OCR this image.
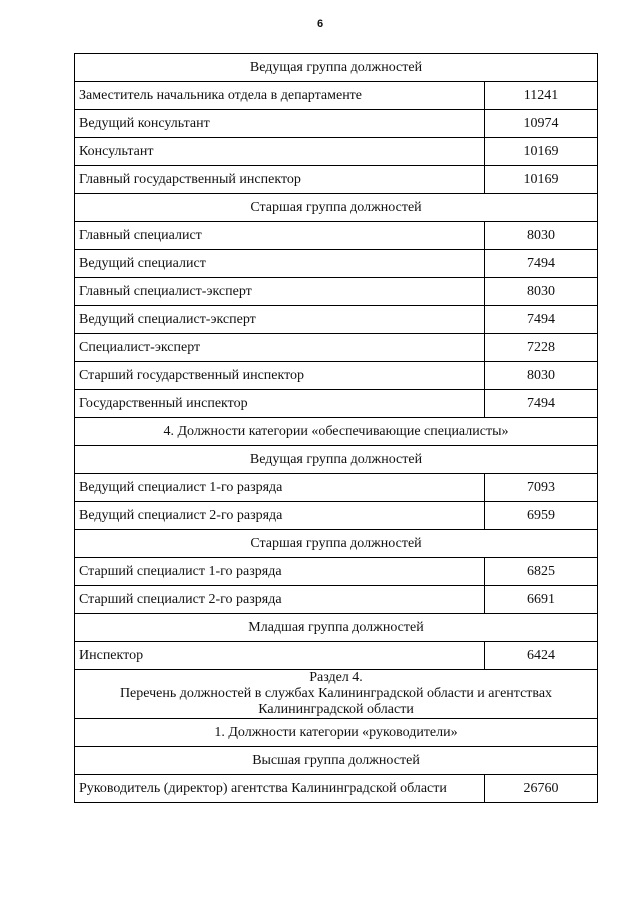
6
Ведущая группа должностей	
Заместитель начальника отдела в департаменте	11241
Ведущий консультант	10974
Консультант	10169
Главный государственный инспектор	10169
Старшая группа должностей	
Главный специалист	8030
Ведущий специалист	7494
Главный специалист-эксперт	8030
Ведущий специалист-эксперт	7494
Специалист-эксперт	7228
Старший государственный инспектор	8030
Государственный инспектор	7494
4. Должности категории «обеспечивающие специалисты»	
Ведущая группа должностей	
Ведущий специалист 1-го разряда	7093
Ведущий специалист 2-го разряда	6959
Старшая группа должностей	
Старший специалист 1-го разряда	6825
Старший специалист 2-го разряда	6691
Младшая группа должностей	
Инспектор	6424

Раздел 4.
Перечень должностей в службах Калининградской области и агентствах
Калининградской области	

1. Должности категории «руководители»	
Высшая группа должностей	
Руководитель (директор) агентства Калининградской области	26760
